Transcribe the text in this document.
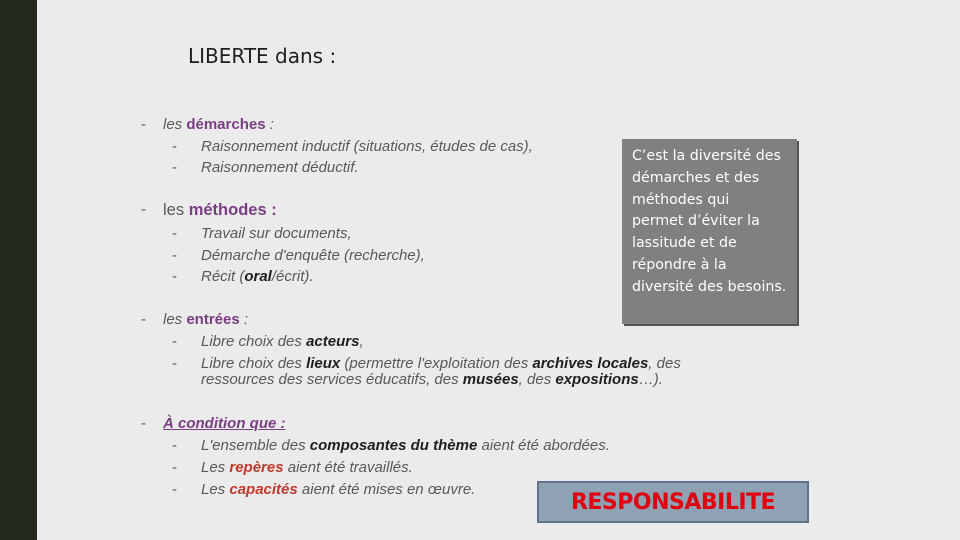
LIBERTE dans :
- les démarches :
- Raisonnement inductif (situations, études de cas),
- Raisonnement déductif.
- les méthodes :
- Travail sur documents,
- Démarche d'enquête (recherche),
- Récit (oral/écrit).
- les entrées :
- Libre choix des acteurs,
- Libre choix des lieux (permettre l'exploitation des archives locales, des
ressources des services éducatifs, des musées, des expositions…).
- À condition que :
- L'ensemble des composantes du thème aient été abordées.
- Les repères aient été travaillés.
- Les capacités aient été mises en œuvre.
C’est la diversité des
démarches et des
méthodes qui
permet d’éviter la
lassitude et de
répondre à la
diversité des besoins.
RESPONSABILITE
